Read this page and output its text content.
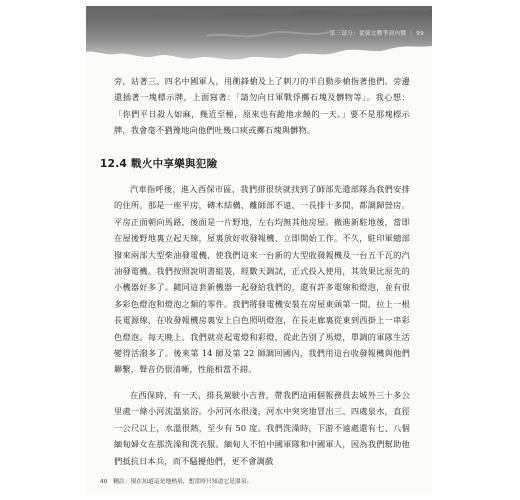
第三部分：從韓北戰爭到內戰 ｜ 99

旁，站著三、四名中國軍人，用衝鋒槍及上了刺刀的半自動步槍指著他們。旁邊還插著一塊標示牌，上面寫著：「請勿向日軍戰俘擲石塊及髒物等」。我心想：「你們平日殺人如麻，幾近至極，原來也有跪地求饒的一天。」要不是那塊標示牌，我會毫不猶豫地向他們吐幾口痰或擲石塊與髒物。

12.4 戰火中享樂與犯險

汽車指呼後，進入西保市區，我們排很快就找到了師部先遣部隊為我們安排的住所。那是一座平房，磚木結構，離師部不遠，一長排十多間，都調歸營房。平房正面朝向馬路，後面是一片野地，左右均無其他房屋。撤進新駐地後，當即在屋後野地裏立起天線，屋裏放好收發報機，立即開始工作。不久，駐印軍總部撥來兩部大型柴油發電機，使我們這來一台新的大型收發報機及一台五千瓦的汽油發電機。我們按照說明書組裝，經數天調試，正式投入使用，其效果比原先的小機器好多了。隨同這套新機器一起發給我們的，還有許多電線和燈泡，並有很多彩色燈泡和燈泡之類的零件。我們將發電機安裝在房屋東頭第一間，拉上一根長電源線，在收發報機房裏安上白色照明燈泡，在長走廊裏從東到西掛上一串彩色燈泡。每天晚上，我們就亮起電燈和彩燈，從此告別了馬燈，單調的軍隊生活變得活潑多了。後來第 14 師及第 22 師調回國內，我們用這台收發報機與他們聯繫，聲音仍很清晰，性能相當不錯。

在西保時，有一天，排長駕駛小吉普，帶我們這兩個報務員去城外三十多公里處一條小河流溫泉浴。小河河水很淺，河水中突突地冒出三、四處泉水，直徑一公尺以上，水溫很熱，至少有 50 度。我們洗澡時，下游不遠處還有七、八個緬甸婦女在那洗澡和洗衣服。緬甸人不怕中國軍隊和中國軍人，因為我們幫助他們抵抗日本兵，而不騷擾他們，更不會調戲

40 刪註：現在知道這是地熱泉，想當時只知道它是溫泉。
